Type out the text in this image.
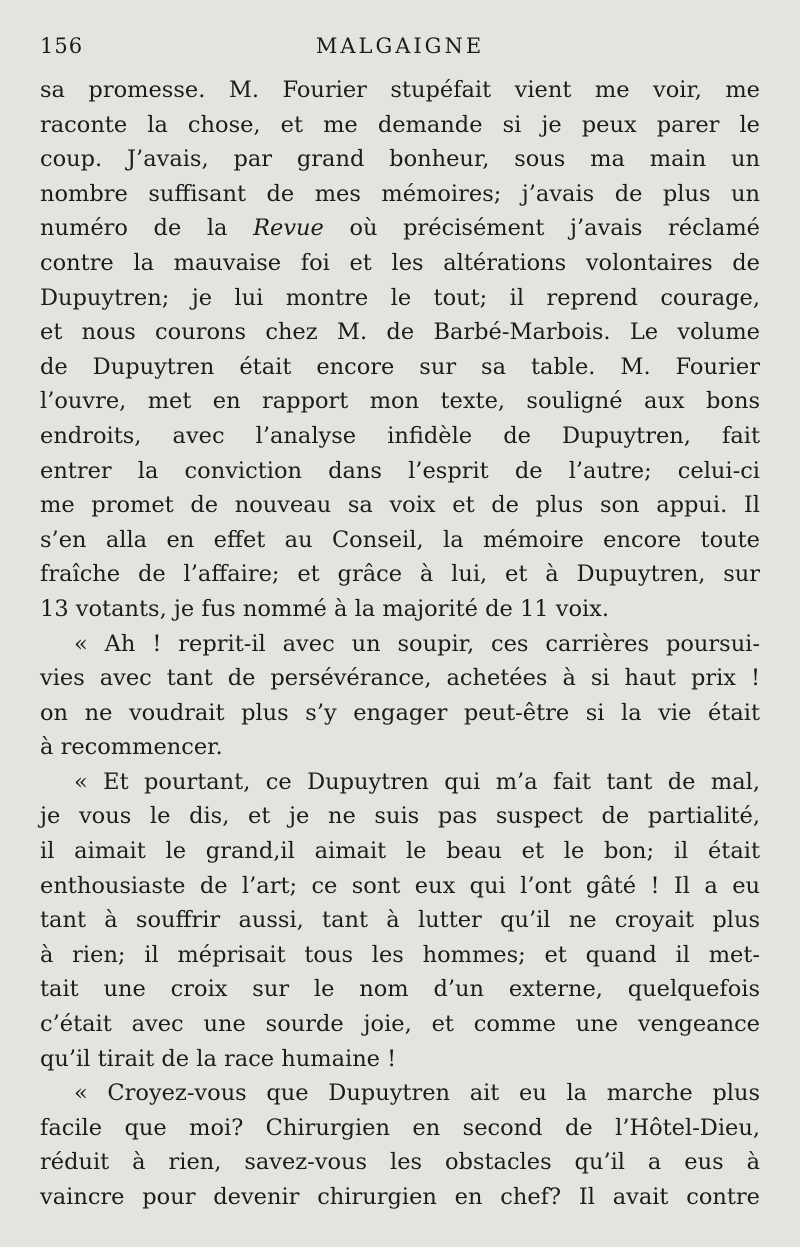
156	MALGAIGNE
sa promesse. M. Fourier stupéfait vient me voir, me
raconte la chose, et me demande si je peux parer le
coup. J’avais, par grand bonheur, sous ma main un
nombre suffisant de mes mémoires; j’avais de plus un
numéro de la Revue où précisément j’avais réclamé
contre la mauvaise foi et les altérations volontaires de
Dupuytren; je lui montre le tout; il reprend courage,
et nous courons chez M. de Barbé-Marbois. Le volume
de Dupuytren était encore sur sa table. M. Fourier
l’ouvre, met en rapport mon texte, souligné aux bons
endroits, avec l’analyse infidèle de Dupuytren, fait
entrer la conviction dans l’esprit de l’autre; celui-ci
me promet de nouveau sa voix et de plus son appui. Il
s’en alla en effet au Conseil, la mémoire encore toute
fraîche de l’affaire; et grâce à lui, et à Dupuytren, sur
13 votants, je fus nommé à la majorité de 11 voix.
« Ah ! reprit-il avec un soupir, ces carrières poursui-
vies avec tant de persévérance, achetées à si haut prix !
on ne voudrait plus s’y engager peut-être si la vie était
à recommencer.
« Et pourtant, ce Dupuytren qui m’a fait tant de mal,
je vous le dis, et je ne suis pas suspect de partialité,
il aimait le grand,il aimait le beau et le bon; il était
enthousiaste de l’art; ce sont eux qui l’ont gâté ! Il a eu
tant à souffrir aussi, tant à lutter qu’il ne croyait plus
à rien; il méprisait tous les hommes; et quand il met-
tait une croix sur le nom d’un externe, quelquefois
c’était avec une sourde joie, et comme une vengeance
qu’il tirait de la race humaine !
« Croyez-vous que Dupuytren ait eu la marche plus
facile que moi? Chirurgien en second de l’Hôtel-Dieu,
réduit à rien, savez-vous les obstacles qu’il a eus à
vaincre pour devenir chirurgien en chef? Il avait contre
